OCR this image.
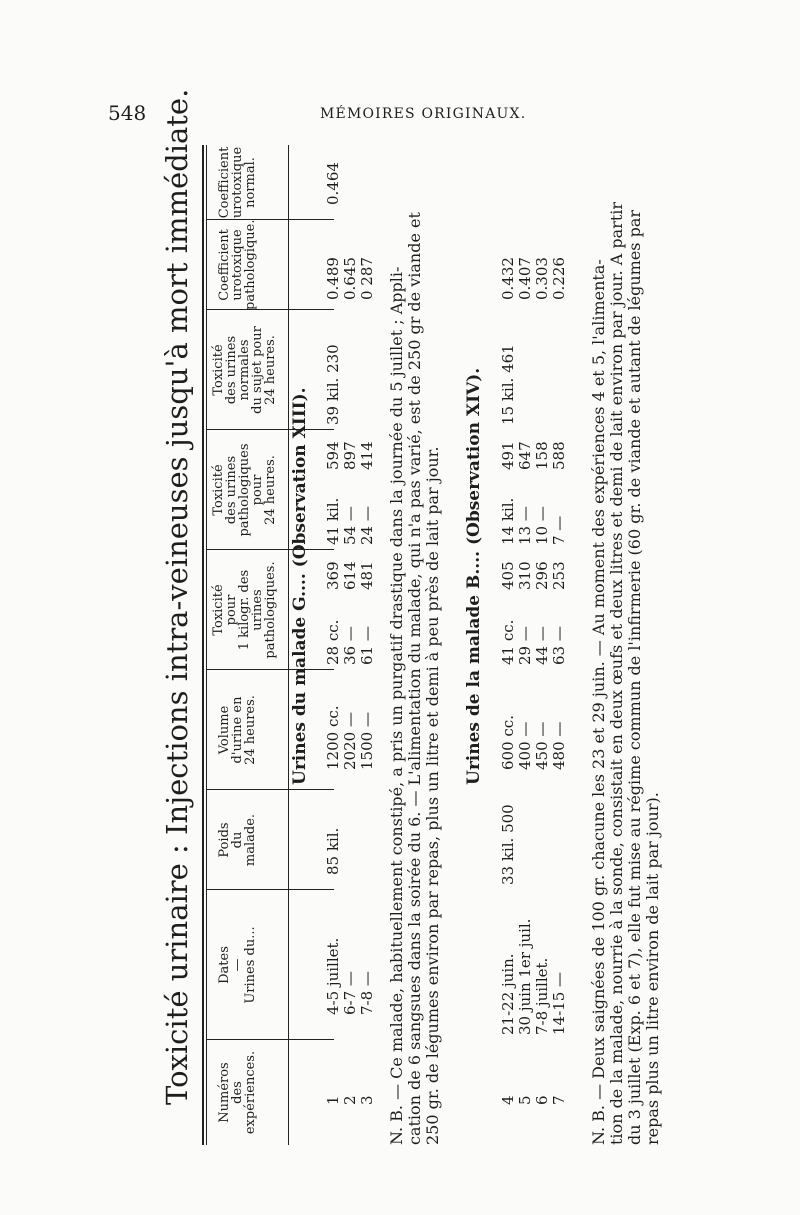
548	MÉMOIRES ORIGINAUX.
Toxicité urinaire : Injections intra-veineuses jusqu'à mort immédiate. Numéros
des
expériences.
Dates
—
Urines du...
Poids
du
malade.
Volume
d'urine en
24 heures.
Toxicité
pour
1 kilogr. des
urines
pathologiques.
Toxicité
des urines
pathologiques
pour
24 heures.
Toxicité
des urines
normales
du sujet pour
24 heures.
Coefficient
urotoxique
pathologique.
Coefficient
urotoxique
normal.
Urines du malade G.... (Observation XIII).
1 2 3
4-5 juillet. 6-7 — 7-8 —
85 kil.
1200 cc. 2020 — 1500 —
28 cc. 36 — 61 —
369 614 481
41 kil. 54 — 24 —
594 897 414
39 kil. 230
0.489 0.645 0 287
0.464
N. B. — Ce malade, habituellement constipé, a pris un purgatif drastique dans la journée du 5 juillet ; Appli- cation de 6 sangsues dans la soirée du 6. — L'alimentation du malade, qui n'a pas varié, est de 250 gr de viande et 250 gr. de légumes environ par repas, plus un litre et demi à peu près de lait par jour. Urines de la malade B.... (Observation XIV).
4 5 6 7
21-22 juin. 30 juin 1er juil. 7-8 juillet. 14-15 —
33 kil. 500
600 cc. 400 — 450 — 480 —
41 cc. 29 — 44 — 63 —
405 310 296 253
14 kil. 13 — 10 — 7 —
491 647 158 588
15 kil. 461
0.432 0.407 0.303 0.226 N. B. — Deux saignées de 100 gr. chacune les 23 et 29 juin. — Au moment des expériences 4 et 5, l'alimenta- tion de la malade, nourrie à la sonde, consistait en deux œufs et deux litres et demi de lait environ par jour. A partir du 3 juillet (Exp. 6 et 7), elle fut mise au régime commun de l'infirmerie (60 gr. de viande et autant de légumes par repas plus un litre environ de lait par jour).
